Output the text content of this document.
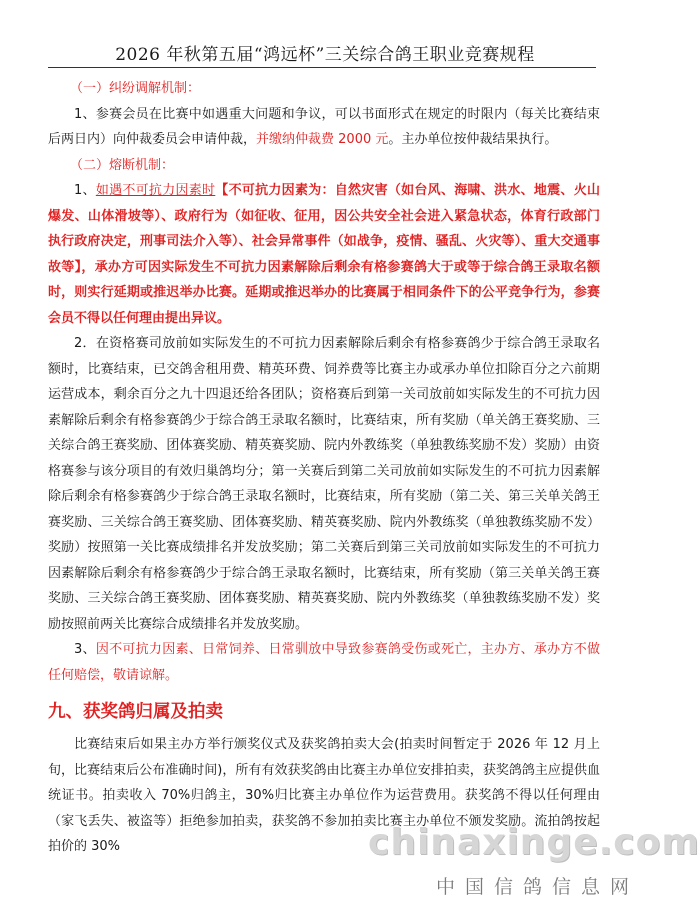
2026 年秋第五届“鸿远杯”三关综合鸽王职业竞赛规程

（一）纠纷调解机制：

1、参赛会员在比赛中如遇重大问题和争议，可以书面形式在规定的时限内（每关比赛结束后两日内）向仲裁委员会申请仲裁，并缴纳仲裁费 2000 元。主办单位按仲裁结果执行。

（二）熔断机制：

1、如遇不可抗力因素时【不可抗力因素为：自然灾害（如台风、海啸、洪水、地震、火山爆发、山体滑坡等）、政府行为（如征收、征用，因公共安全社会进入紧急状态，体育行政部门执行政府决定，刑事司法介入等）、社会异常事件（如战争，疫情、骚乱、火灾等）、重大交通事故等】，承办方可因实际发生不可抗力因素解除后剩余有格参赛鸽大于或等于综合鸽王录取名额时，则实行延期或推迟举办比赛。延期或推迟举办的比赛属于相同条件下的公平竞争行为，参赛会员不得以任何理由提出异议。

2．在资格赛司放前如实际发生的不可抗力因素解除后剩余有格参赛鸽少于综合鸽王录取名额时，比赛结束，已交鸽舍租用费、精英环费、饲养费等比赛主办或承办单位扣除百分之六前期运营成本，剩余百分之九十四退还给各团队；资格赛后到第一关司放前如实际发生的不可抗力因素解除后剩余有格参赛鸽少于综合鸽王录取名额时，比赛结束，所有奖励（单关鸽王赛奖励、三关综合鸽王赛奖励、团体赛奖励、精英赛奖励、院内外教练奖（单独教练奖励不发）奖励）由资格赛参与该分项目的有效归巢鸽均分；第一关赛后到第二关司放前如实际发生的不可抗力因素解除后剩余有格参赛鸽少于综合鸽王录取名额时，比赛结束，所有奖励（第二关、第三关单关鸽王赛奖励、三关综合鸽王赛奖励、团体赛奖励、精英赛奖励、院内外教练奖（单独教练奖励不发）奖励）按照第一关比赛成绩排名并发放奖励；第二关赛后到第三关司放前如实际发生的不可抗力因素解除后剩余有格参赛鸽少于综合鸽王录取名额时，比赛结束，所有奖励（第三关单关鸽王赛奖励、三关综合鸽王赛奖励、团体赛奖励、精英赛奖励、院内外教练奖（单独教练奖励不发）奖励按照前两关比赛综合成绩排名并发放奖励。

3、因不可抗力因素、日常饲养、日常驯放中导致参赛鸽受伤或死亡，主办方、承办方不做任何赔偿，敬请谅解。

九、获奖鸽归属及拍卖

比赛结束后如果主办方举行颁奖仪式及获奖鸽拍卖大会(拍卖时间暂定于 2026 年 12 月上旬，比赛结束后公布准确时间)，所有有效获奖鸽由比赛主办单位安排拍卖，获奖鸽鸽主应提供血统证书。拍卖收入 70%归鸽主，30%归比赛主办单位作为运营费用。获奖鸽不得以任何理由（家飞丢失、被盗等）拒绝参加拍卖，获奖鸽不参加拍卖比赛主办单位不颁发奖励。流拍鸽按起拍价的 30%	chinaxinge.com
中国信鸽信息网
